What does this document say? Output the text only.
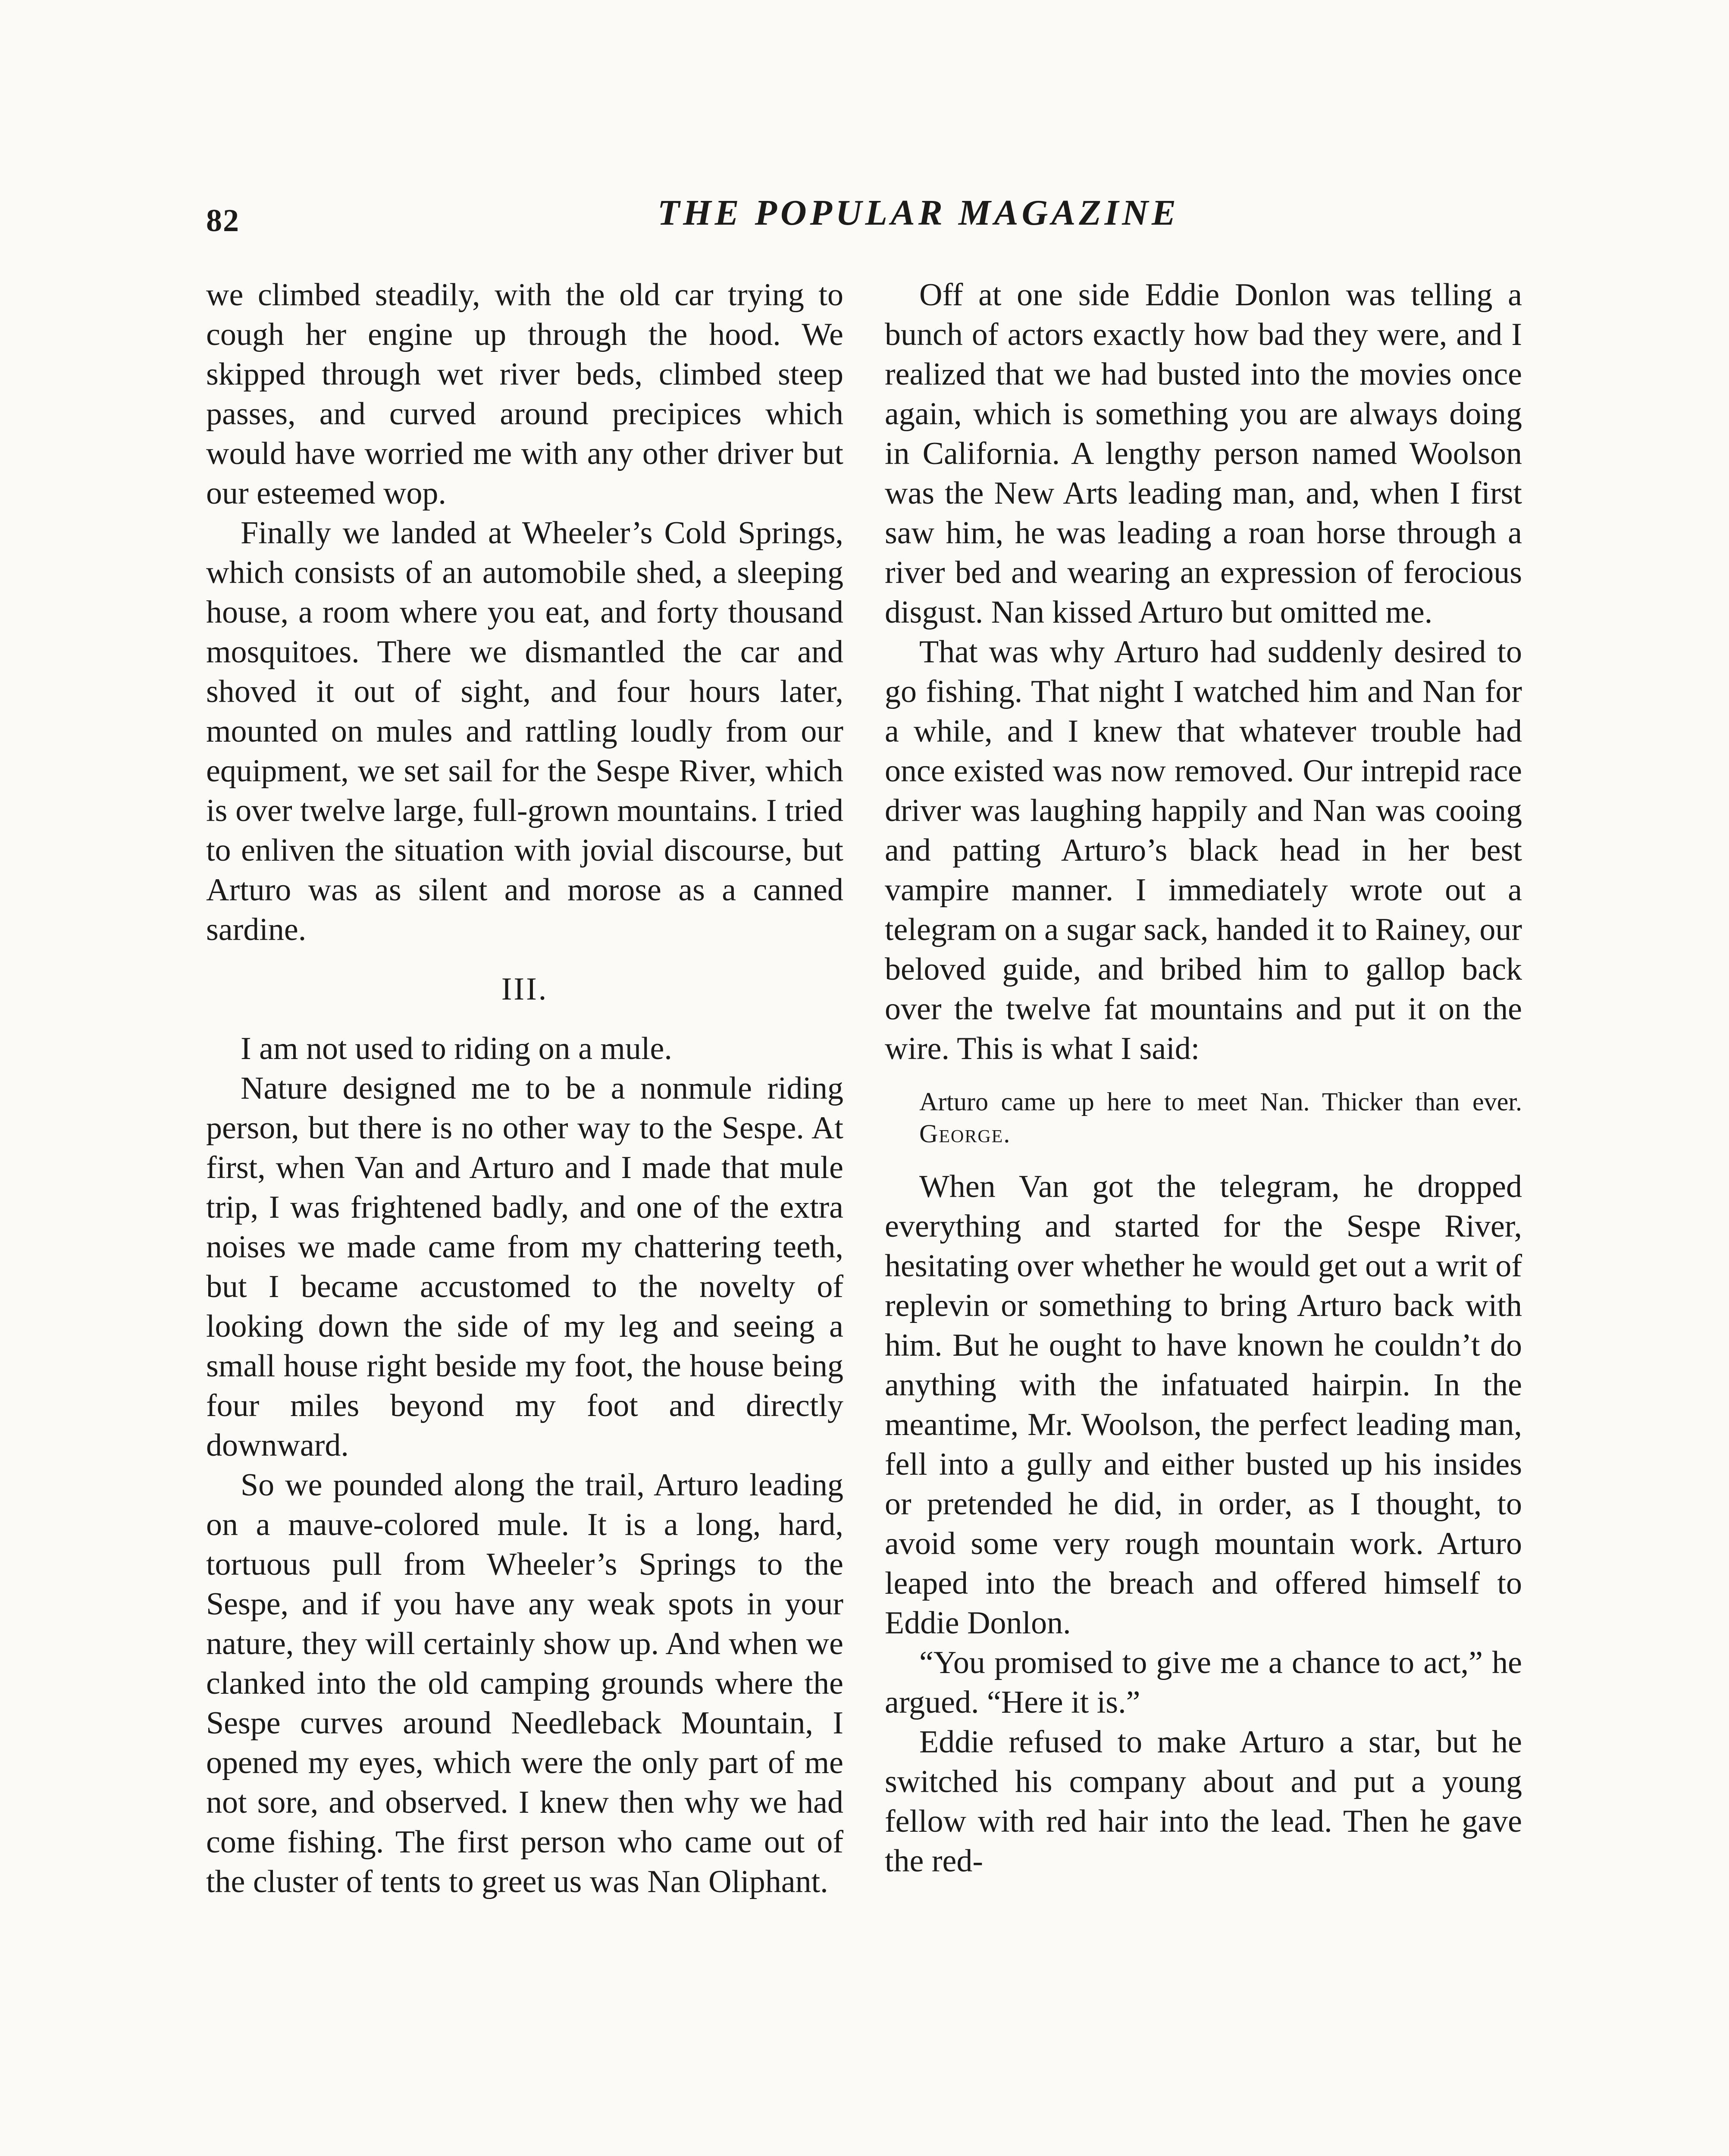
82	THE POPULAR MAGAZINE

we climbed steadily, with the old car trying to cough her engine up through the hood. We skipped through wet river beds, climbed steep passes, and curved around precipices which would have worried me with any other driver but our esteemed wop.

Finally we landed at Wheeler’s Cold Springs, which consists of an automobile shed, a sleeping house, a room where you eat, and forty thousand mosquitoes. There we dismantled the car and shoved it out of sight, and four hours later, mounted on mules and rattling loudly from our equipment, we set sail for the Sespe River, which is over twelve large, full-grown mountains. I tried to enliven the situation with jovial discourse, but Arturo was as silent and morose as a canned sardine.

III.

I am not used to riding on a mule.

Nature designed me to be a nonmule riding person, but there is no other way to the Sespe. At first, when Van and Arturo and I made that mule trip, I was frightened badly, and one of the extra noises we made came from my chattering teeth, but I became accustomed to the novelty of looking down the side of my leg and seeing a small house right beside my foot, the house being four miles beyond my foot and directly downward.

So we pounded along the trail, Arturo leading on a mauve-colored mule. It is a long, hard, tortuous pull from Wheeler’s Springs to the Sespe, and if you have any weak spots in your nature, they will certainly show up. And when we clanked into the old camping grounds where the Sespe curves around Needleback Mountain, I opened my eyes, which were the only part of me not sore, and observed. I knew then why we had come fishing. The first person who came out of the cluster of tents to greet us was Nan Oliphant.

Off at one side Eddie Donlon was telling a bunch of actors exactly how bad they were, and I realized that we had busted into the movies once again, which is something you are always doing in California. A lengthy person named Woolson was the New Arts leading man, and, when I first saw him, he was leading a roan horse through a river bed and wearing an expression of ferocious disgust. Nan kissed Arturo but omitted me.

That was why Arturo had suddenly desired to go fishing. That night I watched him and Nan for a while, and I knew that whatever trouble had once existed was now removed. Our intrepid race driver was laughing happily and Nan was cooing and patting Arturo’s black head in her best vampire manner. I immediately wrote out a telegram on a sugar sack, handed it to Rainey, our beloved guide, and bribed him to gallop back over the twelve fat mountains and put it on the wire. This is what I said:

Arturo came up here to meet Nan. Thicker than ever. George.

When Van got the telegram, he dropped everything and started for the Sespe River, hesitating over whether he would get out a writ of replevin or something to bring Arturo back with him. But he ought to have known he couldn’t do anything with the infatuated hairpin. In the meantime, Mr. Woolson, the perfect leading man, fell into a gully and either busted up his insides or pretended he did, in order, as I thought, to avoid some very rough mountain work. Arturo leaped into the breach and offered himself to Eddie Donlon.

“You promised to give me a chance to act,” he argued. “Here it is.”

Eddie refused to make Arturo a star, but he switched his company about and put a young fellow with red hair into the lead. Then he gave the red-
